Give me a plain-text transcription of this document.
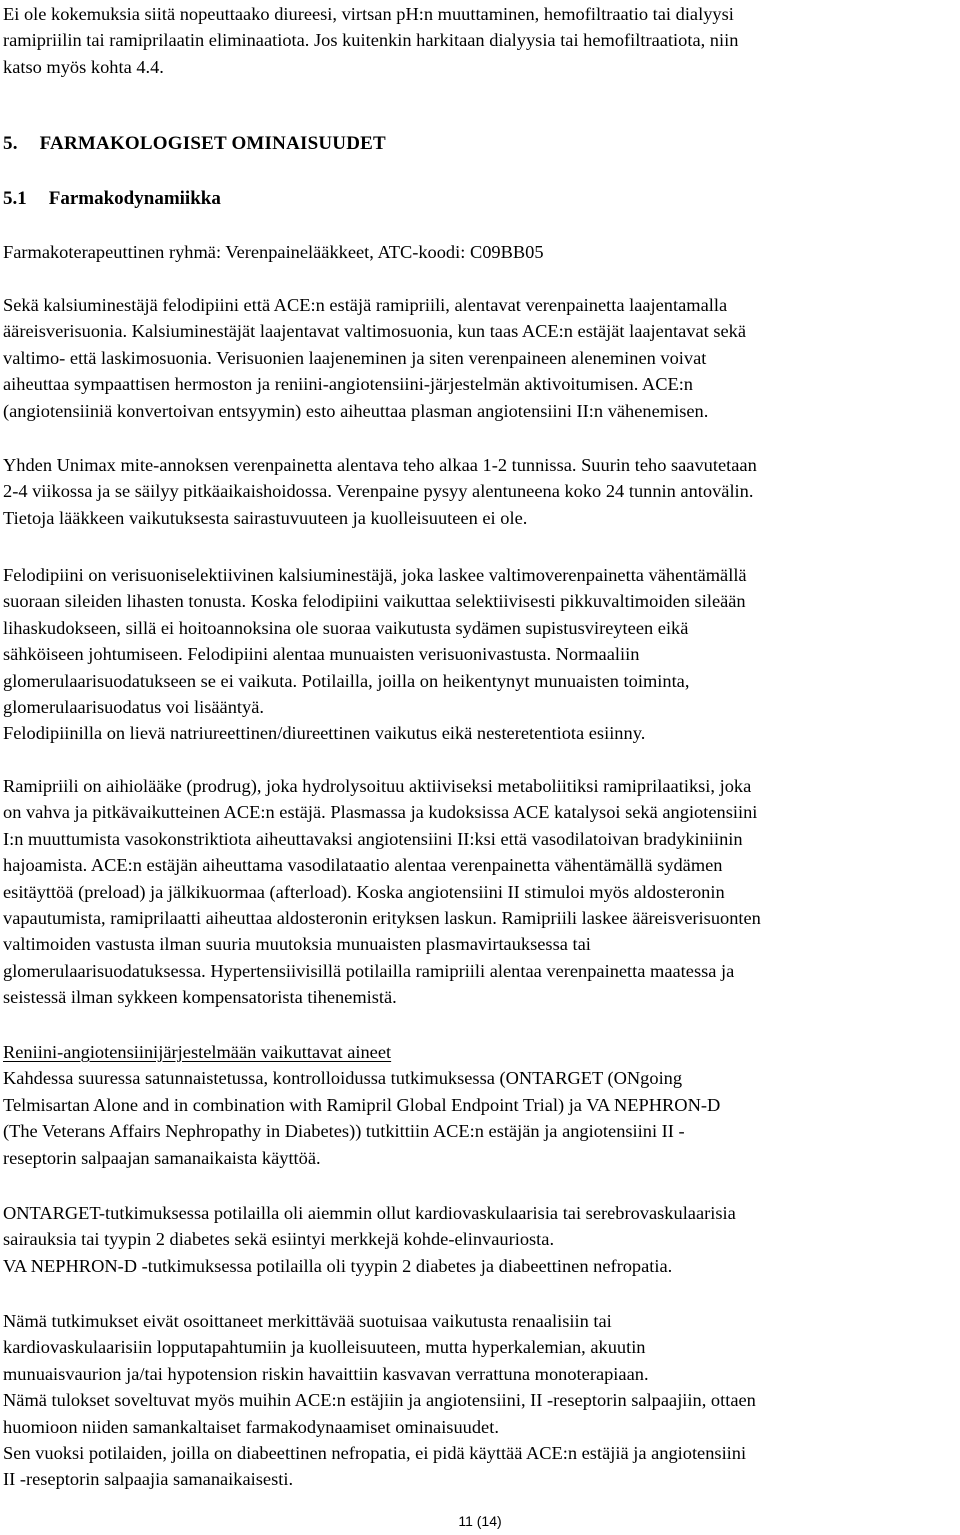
Ei ole kokemuksia siitä nopeuttaako diureesi, virtsan pH:n muuttaminen, hemofiltraatio tai dialyysi
ramipriilin tai ramiprilaatin eliminaatiota. Jos kuitenkin harkitaan dialyysia tai hemofiltraatiota, niin
katso myös kohta 4.4.

5. FARMAKOLOGISET OMINAISUUDET
5.1 Farmakodynamiikka

Farmakoterapeuttinen ryhmä: Verenpainelääkkeet, ATC-koodi: C09BB05

Sekä kalsiuminestäjä felodipiini että ACE:n estäjä ramipriili, alentavat verenpainetta laajentamalla
ääreisverisuonia. Kalsiuminestäjät laajentavat valtimosuonia, kun taas ACE:n estäjät laajentavat sekä
valtimo- että laskimosuonia. Verisuonien laajeneminen ja siten verenpaineen aleneminen voivat
aiheuttaa sympaattisen hermoston ja reniini-angiotensiini-järjestelmän aktivoitumisen. ACE:n
(angiotensiiniä konvertoivan entsyymin) esto aiheuttaa plasman angiotensiini II:n vähenemisen.

Yhden Unimax mite-annoksen verenpainetta alentava teho alkaa 1-2 tunnissa. Suurin teho saavutetaan
2-4 viikossa ja se säilyy pitkäaikaishoidossa. Verenpaine pysyy alentuneena koko 24 tunnin antovälin.
Tietoja lääkkeen vaikutuksesta sairastuvuuteen ja kuolleisuuteen ei ole.

Felodipiini on verisuoniselektiivinen kalsiuminestäjä, joka laskee valtimoverenpainetta vähentämällä
suoraan sileiden lihasten tonusta. Koska felodipiini vaikuttaa selektiivisesti pikkuvaltimoiden sileään
lihaskudokseen, sillä ei hoitoannoksina ole suoraa vaikutusta sydämen supistusvireyteen eikä
sähköiseen johtumiseen. Felodipiini alentaa munuaisten verisuonivastusta. Normaaliin
glomerulaarisuodatukseen se ei vaikuta. Potilailla, joilla on heikentynyt munuaisten toiminta,
glomerulaarisuodatus voi lisääntyä.
Felodipiinilla on lievä natriureettinen/diureettinen vaikutus eikä nesteretentiota esiinny.

Ramipriili on aihiolääke (prodrug), joka hydrolysoituu aktiiviseksi metaboliitiksi ramiprilaatiksi, joka
on vahva ja pitkävaikutteinen ACE:n estäjä. Plasmassa ja kudoksissa ACE katalysoi sekä angiotensiini
I:n muuttumista vasokonstriktiota aiheuttavaksi angiotensiini II:ksi että vasodilatoivan bradykiniinin
hajoamista. ACE:n estäjän aiheuttama vasodilataatio alentaa verenpainetta vähentämällä sydämen
esitäyttöä (preload) ja jälkikuormaa (afterload). Koska angiotensiini II stimuloi myös aldosteronin
vapautumista, ramiprilaatti aiheuttaa aldosteronin erityksen laskun. Ramipriili laskee ääreisverisuonten
valtimoiden vastusta ilman suuria muutoksia munuaisten plasmavirtauksessa tai
glomerulaarisuodatuksessa. Hypertensiivisillä potilailla ramipriili alentaa verenpainetta maatessa ja
seistessä ilman sykkeen kompensatorista tihenemistä.

Reniini-angiotensiinijärjestelmään vaikuttavat aineet
Kahdessa suuressa satunnaistetussa, kontrolloidussa tutkimuksessa (ONTARGET (ONgoing
Telmisartan Alone and in combination with Ramipril Global Endpoint Trial) ja VA NEPHRON-D
(The Veterans Affairs Nephropathy in Diabetes)) tutkittiin ACE:n estäjän ja angiotensiini II -
reseptorin salpaajan samanaikaista käyttöä.

ONTARGET-tutkimuksessa potilailla oli aiemmin ollut kardiovaskulaarisia tai serebrovaskulaarisia
sairauksia tai tyypin 2 diabetes sekä esiintyi merkkejä kohde-elinvauriosta.
VA NEPHRON-D -tutkimuksessa potilailla oli tyypin 2 diabetes ja diabeettinen nefropatia.

Nämä tutkimukset eivät osoittaneet merkittävää suotuisaa vaikutusta renaalisiin tai
kardiovaskulaarisiin lopputapahtumiin ja kuolleisuuteen, mutta hyperkalemian, akuutin
munuaisvaurion ja/tai hypotension riskin havaittiin kasvavan verrattuna monoterapiaan.
Nämä tulokset soveltuvat myös muihin ACE:n estäjiin ja angiotensiini, II -reseptorin salpaajiin, ottaen
huomioon niiden samankaltaiset farmakodynaamiset ominaisuudet.
Sen vuoksi potilaiden, joilla on diabeettinen nefropatia, ei pidä käyttää ACE:n estäjiä ja angiotensiini
II -reseptorin salpaajia samanaikaisesti.

11 (14)
